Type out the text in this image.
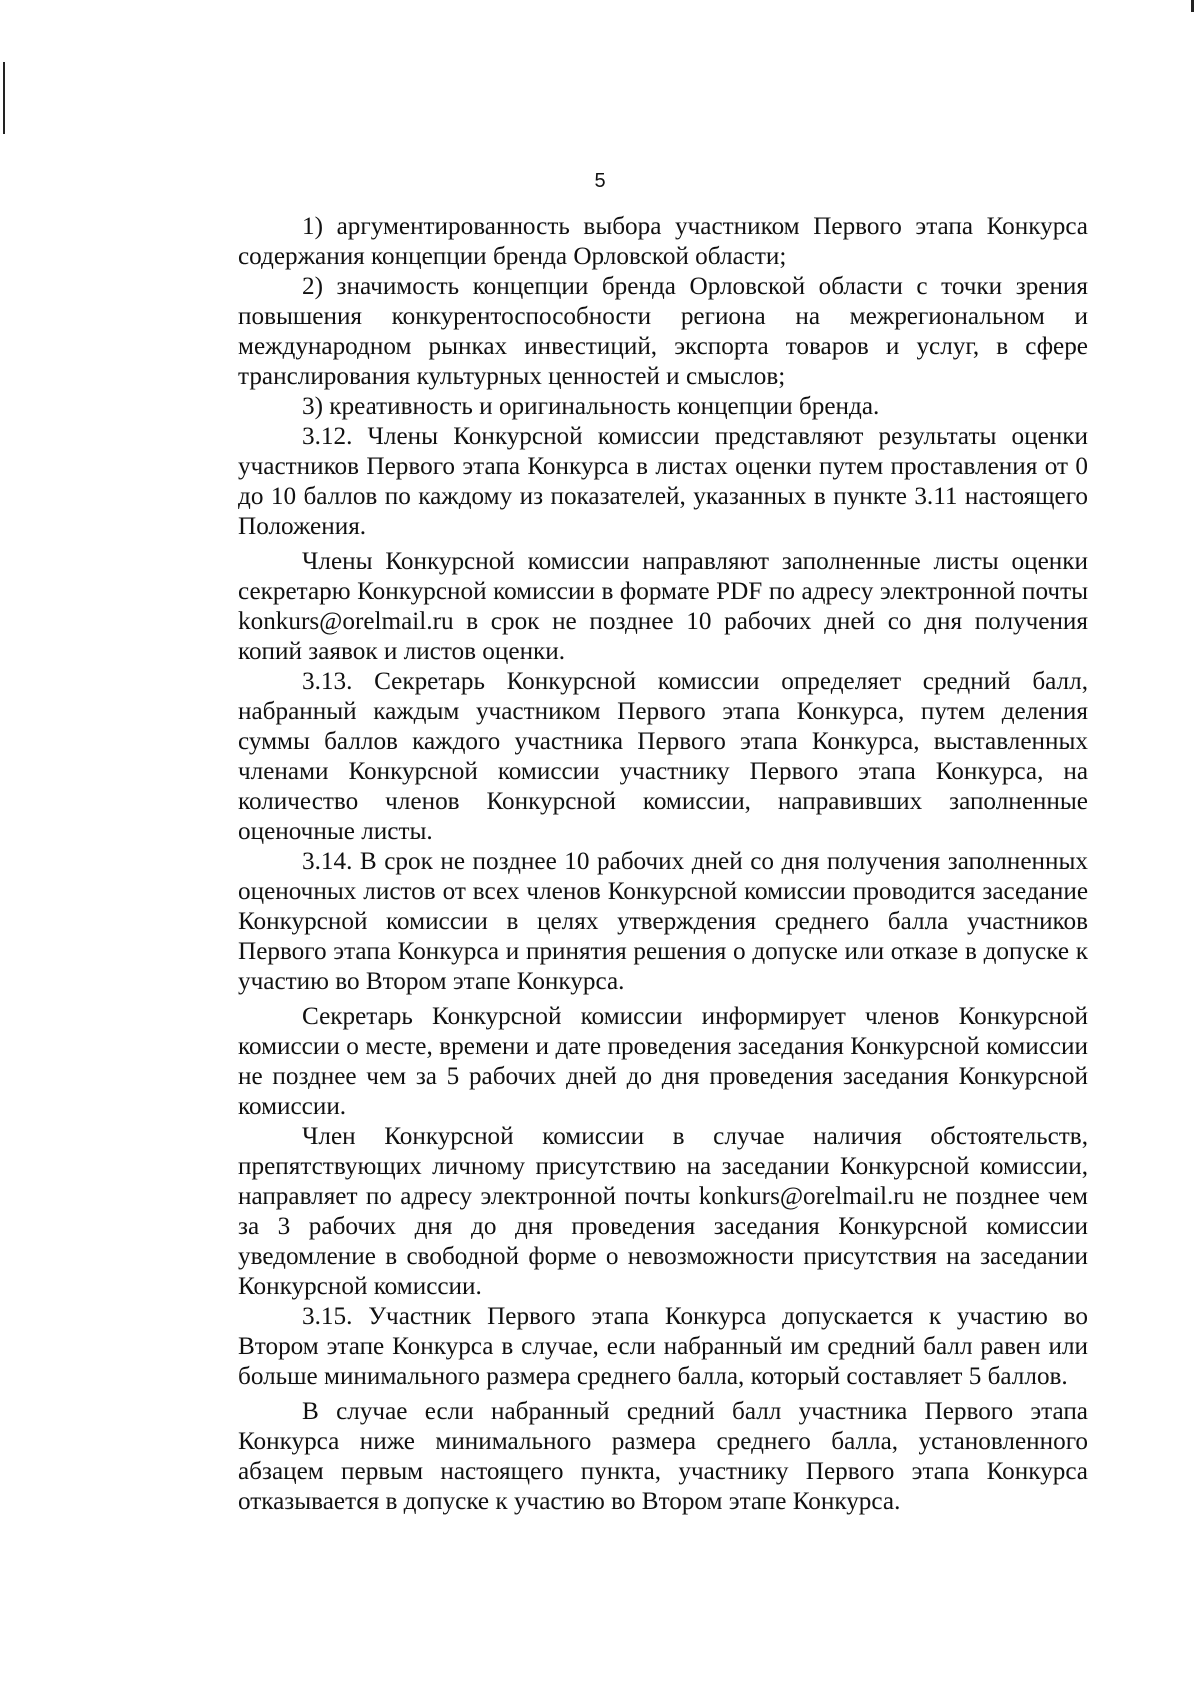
5

1) аргументированность выбора участником Первого этапа Конкурса содержания концепции бренда Орловской области;

2) значимость концепции бренда Орловской области с точки зрения повышения конкурентоспособности региона на межрегиональном и международном рынках инвестиций, экспорта товаров и услуг, в сфере транслирования культурных ценностей и смыслов;

3) креативность и оригинальность концепции бренда.

3.12. Члены Конкурсной комиссии представляют результаты оценки участников Первого этапа Конкурса в листах оценки путем проставления от 0 до 10 баллов по каждому из показателей, указанных в пункте 3.11 настоящего Положения.

Члены Конкурсной комиссии направляют заполненные листы оценки секретарю Конкурсной комиссии в формате PDF по адресу электронной почты konkurs@orelmail.ru в срок не позднее 10 рабочих дней со дня получения копий заявок и листов оценки.

3.13. Секретарь Конкурсной комиссии определяет средний балл, набранный каждым участником Первого этапа Конкурса, путем деления суммы баллов каждого участника Первого этапа Конкурса, выставленных членами Конкурсной комиссии участнику Первого этапа Конкурса, на количество членов Конкурсной комиссии, направивших заполненные оценочные листы.

3.14. В срок не позднее 10 рабочих дней со дня получения заполненных оценочных листов от всех членов Конкурсной комиссии проводится заседание Конкурсной комиссии в целях утверждения среднего балла участников Первого этапа Конкурса и принятия решения о допуске или отказе в допуске к участию во Втором этапе Конкурса.

Секретарь Конкурсной комиссии информирует членов Конкурсной комиссии о месте, времени и дате проведения заседания Конкурсной комиссии не позднее чем за 5 рабочих дней до дня проведения заседания Конкурсной комиссии.

Член Конкурсной комиссии в случае наличия обстоятельств, препятствующих личному присутствию на заседании Конкурсной комиссии, направляет по адресу электронной почты konkurs@orelmail.ru не позднее чем за 3 рабочих дня до дня проведения заседания Конкурсной комиссии уведомление в свободной форме о невозможности присутствия на заседании Конкурсной комиссии.

3.15. Участник Первого этапа Конкурса допускается к участию во Втором этапе Конкурса в случае, если набранный им средний балл равен или больше минимального размера среднего балла, который составляет 5 баллов.

В случае если набранный средний балл участника Первого этапа Конкурса ниже минимального размера среднего балла, установленного абзацем первым настоящего пункта, участнику Первого этапа Конкурса отказывается в допуске к участию во Втором этапе Конкурса.
